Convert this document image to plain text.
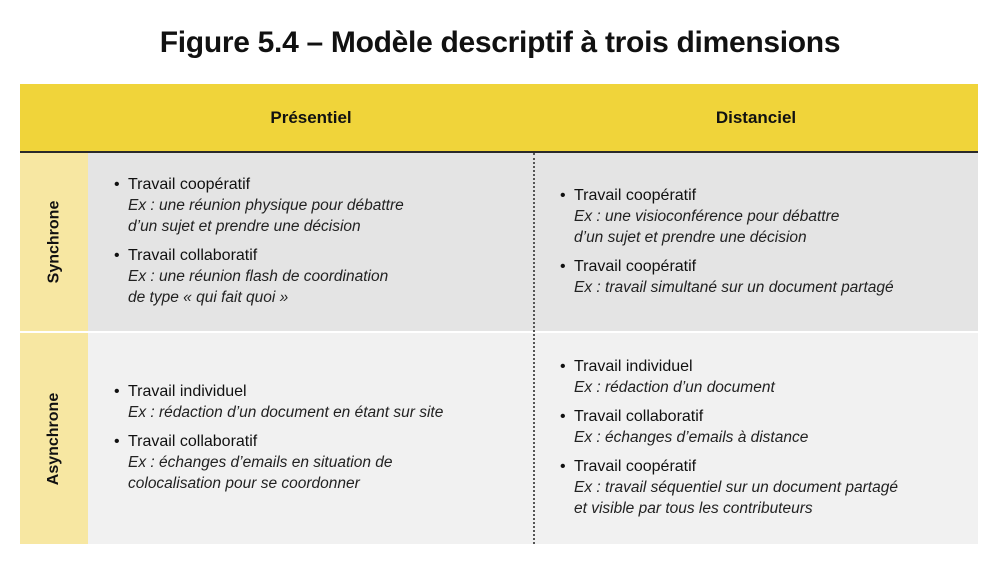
Figure 5.4 – Modèle descriptif à trois dimensions
Présentiel	Distanciel
Synchrone
Asynchrone
• Travail coopératif
Ex : une réunion physique pour débattre
d’un sujet et prendre une décision
• Travail collaboratif
Ex : une réunion flash de coordination
de type « qui fait quoi »
• Travail coopératif
Ex : une visioconférence pour débattre
d’un sujet et prendre une décision
• Travail coopératif
Ex : travail simultané sur un document partagé
• Travail individuel
Ex : rédaction d’un document en étant sur site
• Travail collaboratif
Ex : échanges d’emails en situation de
colocalisation pour se coordonner
• Travail individuel
Ex : rédaction d’un document
• Travail collaboratif
Ex : échanges d’emails à distance
• Travail coopératif
Ex : travail séquentiel sur un document partagé
et visible par tous les contributeurs
